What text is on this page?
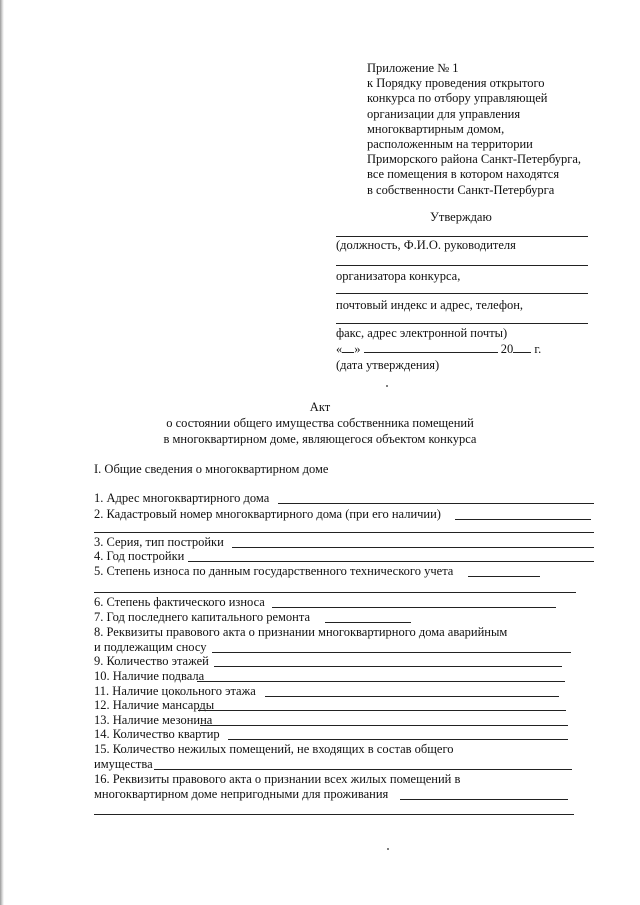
Приложение № 1
к Порядку проведения открытого
конкурса по отбору управляющей
организации для управления
многоквартирным домом,
расположенным на территории
Приморского района Санкт-Петербурга,
все помещения в котором находятся
в собственности Санкт-Петербурга
Утверждаю
(должность, Ф.И.О. руководителя
организатора конкурса,
почтовый индекс и адрес, телефон,
факс, адрес электронной почты)
« »	20 г.
(дата утверждения)
Акт
о состоянии общего имущества собственника помещений
в многоквартирном доме, являющегося объектом конкурса
I. Общие сведения о многоквартирном доме
1. Адрес многоквартирного дома
2. Кадастровый номер многоквартирного дома (при его наличии)
3. Серия, тип постройки
4. Год постройки
5. Степень износа по данным государственного технического учета
6. Степень фактического износа
7. Год последнего капитального ремонта
8. Реквизиты правового акта о признании многоквартирного дома аварийным
и подлежащим сносу
9. Количество этажей
10. Наличие подвала
11. Наличие цокольного этажа
12. Наличие мансарды
13. Наличие мезонина
14. Количество квартир
15. Количество нежилых помещений, не входящих в состав общего
имущества
16. Реквизиты правового акта о признании всех жилых помещений в
многоквартирном доме непригодными для проживания
